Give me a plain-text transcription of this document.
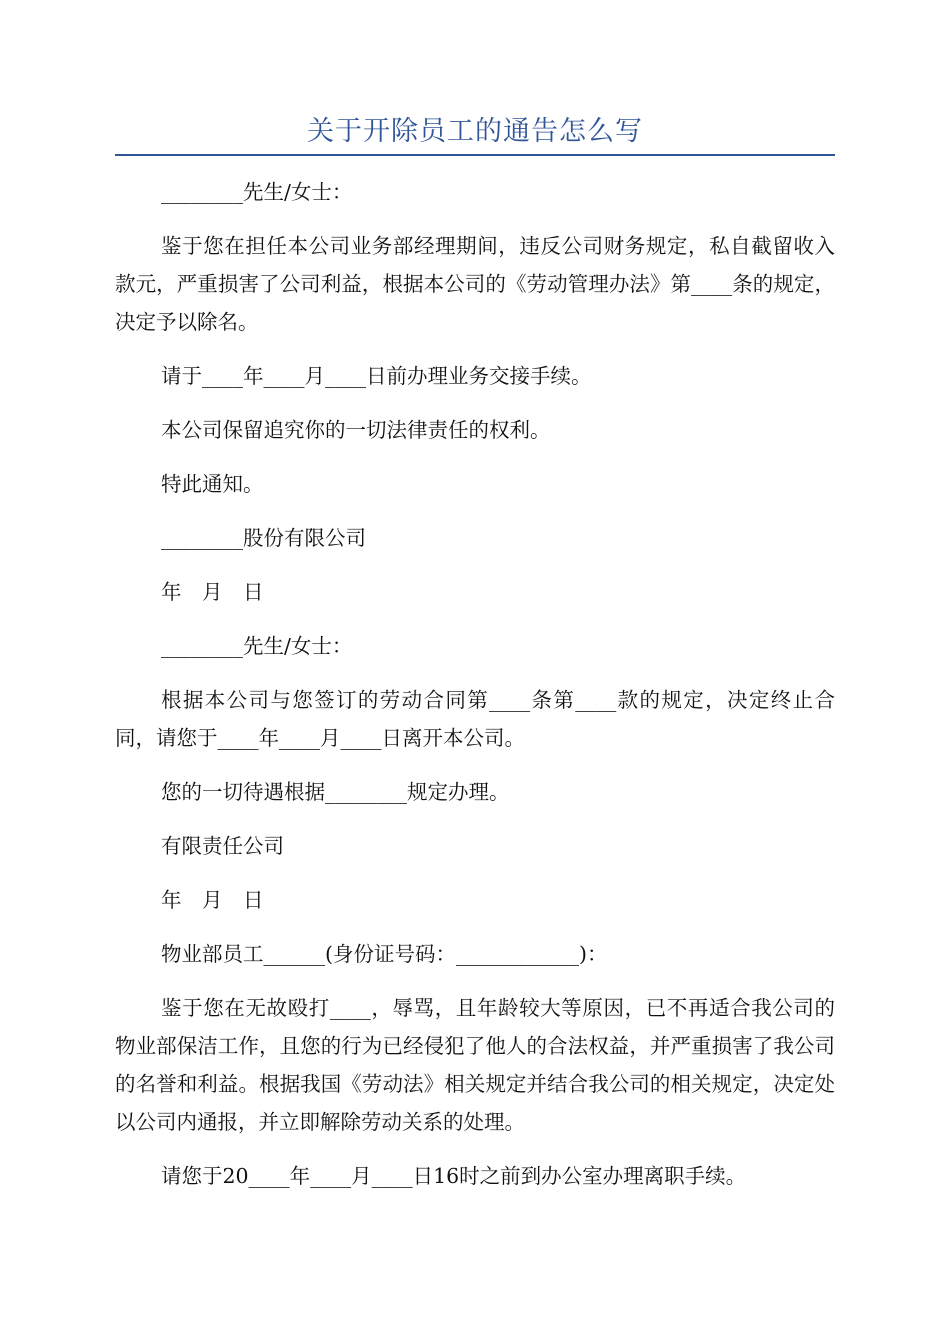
关于开除员工的通告怎么写

________先生/女士：

鉴于您在担任本公司业务部经理期间，违反公司财务规定，私自截留收入款元，严重损害了公司利益，根据本公司的《劳动管理办法》第____条的规定，决定予以除名。

请于____年____月____日前办理业务交接手续。

本公司保留追究你的一切法律责任的权利。

特此通知。

________股份有限公司

年　月　日

________先生/女士：

根据本公司与您签订的劳动合同第____条第____款的规定，决定终止合同，请您于____年____月____日离开本公司。

您的一切待遇根据________规定办理。

有限责任公司

年　月　日

物业部员工______(身份证号码：____________)：

鉴于您在无故殴打____，辱骂，且年龄较大等原因，已不再适合我公司的物业部保洁工作，且您的行为已经侵犯了他人的合法权益，并严重损害了我公司的名誉和利益。根据我国《劳动法》相关规定并结合我公司的相关规定，决定处以公司内通报，并立即解除劳动关系的处理。

请您于20____年____月____日16时之前到办公室办理离职手续。
